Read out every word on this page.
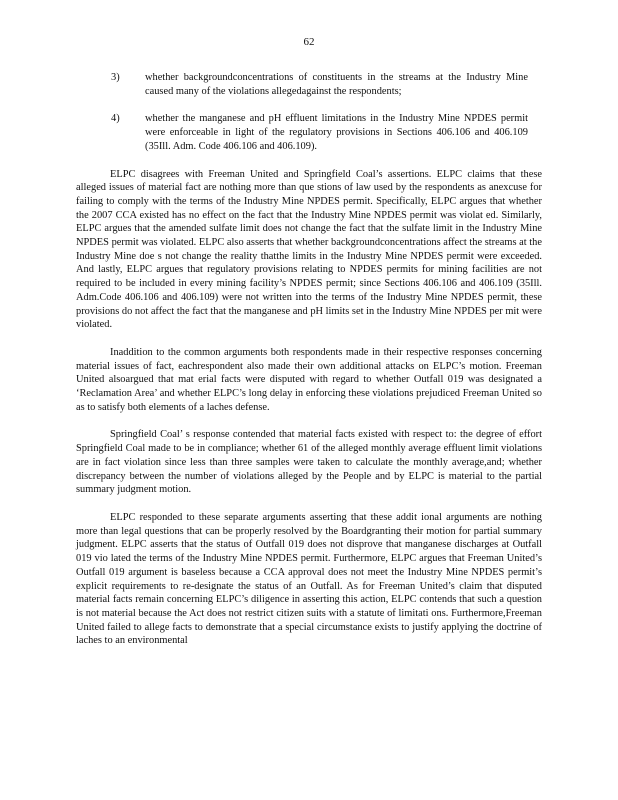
62
3) whether backgroundconcentrations of constituents in the streams at the Industry Mine caused many of the violations allegedagainst the respondents;
4) whether the manganese and pH effluent limitations in the Industry Mine NPDES permit were enforceable in light of the regulatory provisions in Sections 406.106 and 406.109 (35Ill. Adm. Code 406.106 and 406.109).

ELPC disagrees with Freeman United and Springfield Coal’s assertions. ELPC claims that these alleged issues of material fact are nothing more than que stions of law used by the respondents as anexcuse for failing to comply with the terms of the Industry Mine NPDES permit. Specifically, ELPC argues that whether the 2007 CCA existed has no effect on the fact that the Industry Mine NPDES permit was violat ed. Similarly, ELPC argues that the amended sulfate limit does not change the fact that the sulfate limit in the Industry Mine NPDES permit was violated. ELPC also asserts that whether backgroundconcentrations affect the streams at the Industry Mine doe s not change the reality thatthe limits in the Industry Mine NPDES permit were exceeded. And lastly, ELPC argues that regulatory provisions relating to NPDES permits for mining facilities are not required to be included in every mining facility’s NPDES permit; since Sections 406.106 and 406.109 (35Ill. Adm.Code 406.106 and 406.109) were not written into the terms of the Industry Mine NPDES permit, these provisions do not affect the fact that the manganese and pH limits set in the Industry Mine NPDES per mit were violated.

Inaddition to the common arguments both respondents made in their respective responses concerning material issues of fact, eachrespondent also made their own additional attacks on ELPC’s motion. Freeman United alsoargued that mat erial facts were disputed with regard to whether Outfall 019 was designated a ‘Reclamation Area’ and whether ELPC’s long delay in enforcing these violations prejudiced Freeman United so as to satisfy both elements of a laches defense.

Springfield Coal’ s response contended that material facts existed with respect to: the degree of effort Springfield Coal made to be in compliance; whether 61 of the alleged monthly average effluent limit violations are in fact violation since less than three samples were taken to calculate the monthly average,and; whether discrepancy between the number of violations alleged by the People and by ELPC is material to the partial summary judgment motion.

ELPC responded to these separate arguments asserting that these addit ional arguments are nothing more than legal questions that can be properly resolved by the Boardgranting their motion for partial summary judgment. ELPC asserts that the status of Outfall 019 does not disprove that manganese discharges at Outfall 019 vio lated the terms of the Industry Mine NPDES permit. Furthermore, ELPC argues that Freeman United’s Outfall 019 argument is baseless because a CCA approval does not meet the Industry Mine NPDES permit’s explicit requirements to re-designate the status of an Outfall. As for Freeman United’s claim that disputed material facts remain concerning ELPC’s diligence in asserting this action, ELPC contends that such a question is not material because the Act does not restrict citizen suits with a statute of limitati ons. Furthermore,Freeman United failed to allege facts to demonstrate that a special circumstance exists to justify applying the doctrine of laches to an environmental
